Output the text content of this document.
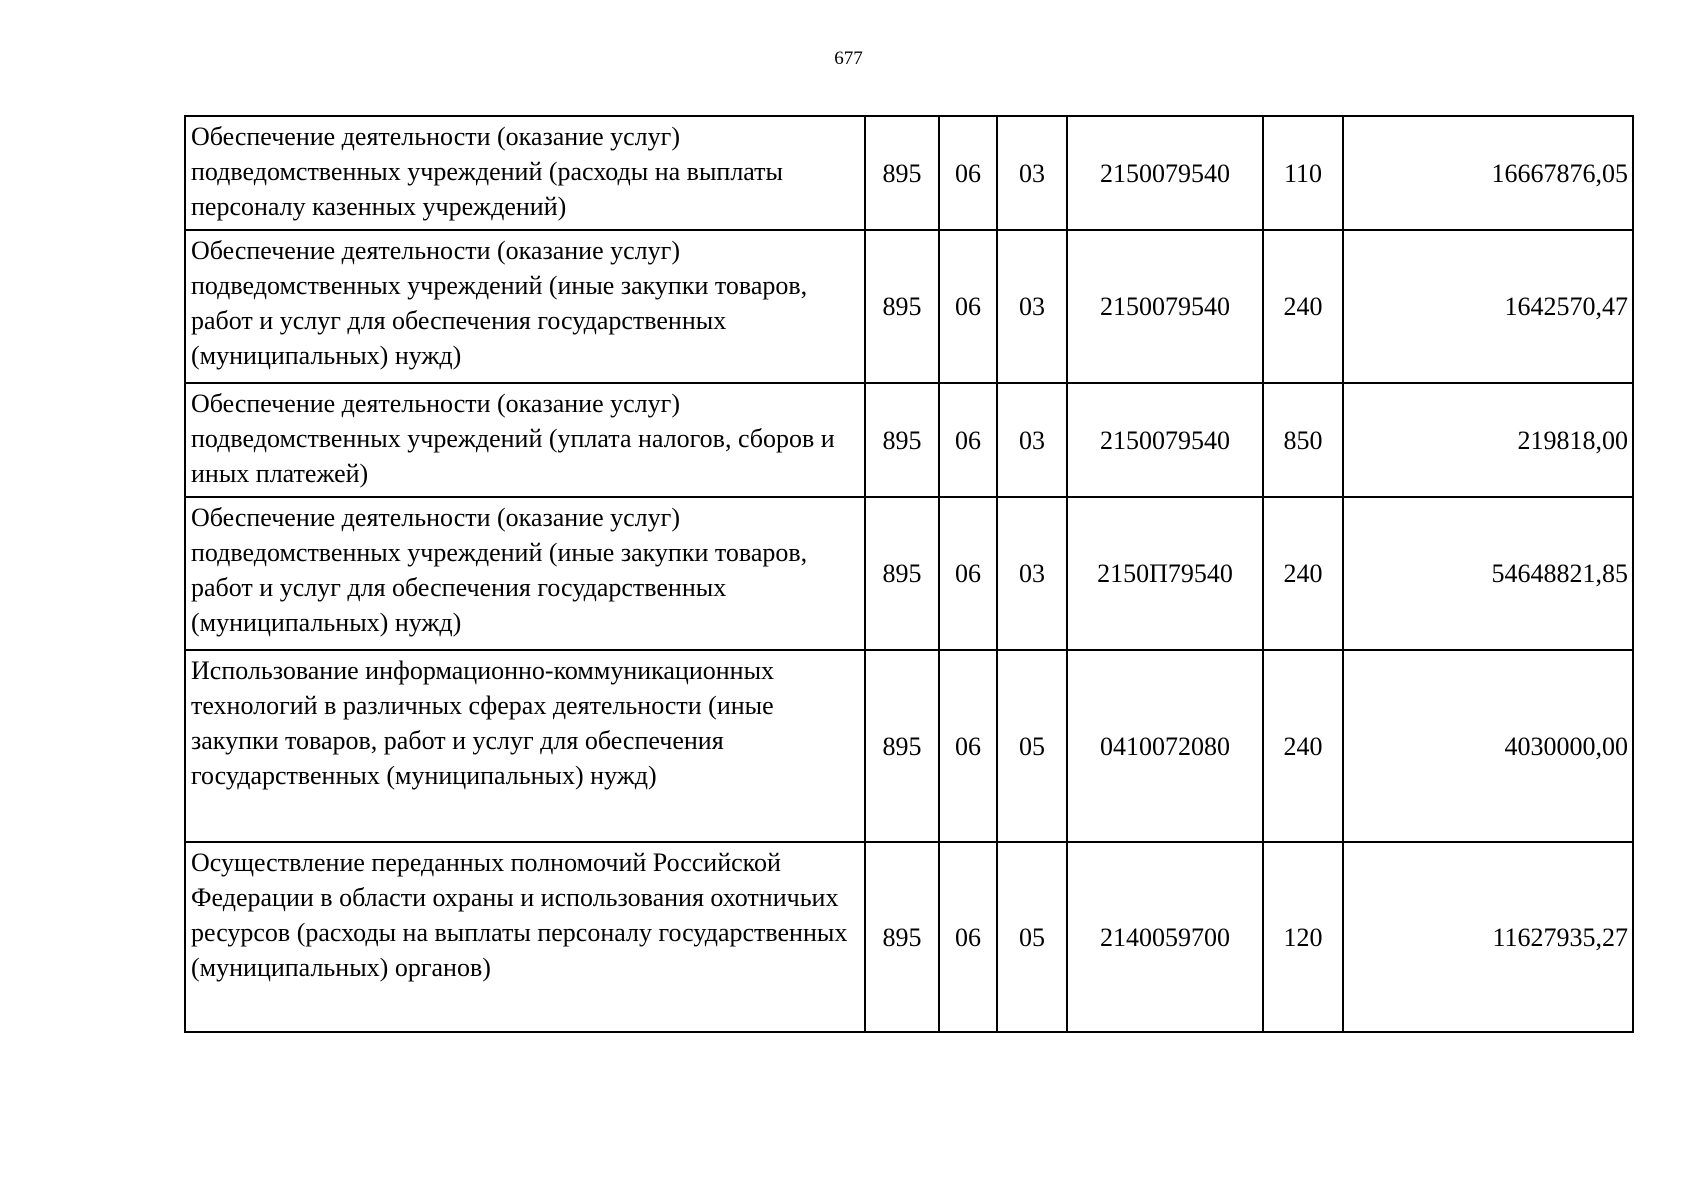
677
Обеспечение деятельности (оказание услуг) подведомственных учреждений (расходы на выплаты персоналу казенных учреждений)	895	06	03	2150079540	110	16667876,05
Обеспечение деятельности (оказание услуг) подведомственных учреждений (иные закупки товаров, работ и услуг для обеспечения государственных (муниципальных) нужд)	895	06	03	2150079540	240	1642570,47
Обеспечение деятельности (оказание услуг) подведомственных учреждений (уплата налогов, сборов и иных платежей)	895	06	03	2150079540	850	219818,00
Обеспечение деятельности (оказание услуг) подведомственных учреждений (иные закупки товаров, работ и услуг для обеспечения государственных (муниципальных) нужд)	895	06	03	2150П79540	240	54648821,85
Использование информационно-коммуникационных технологий в различных сферах деятельности (иные закупки товаров, работ и услуг для обеспечения государственных (муниципальных) нужд)	895	06	05	0410072080	240	4030000,00
Осуществление переданных полномочий Российской Федерации в области охраны и использования охотничьих ресурсов (расходы на выплаты персоналу государственных (муниципальных) органов)	895	06	05	2140059700	120	11627935,27
